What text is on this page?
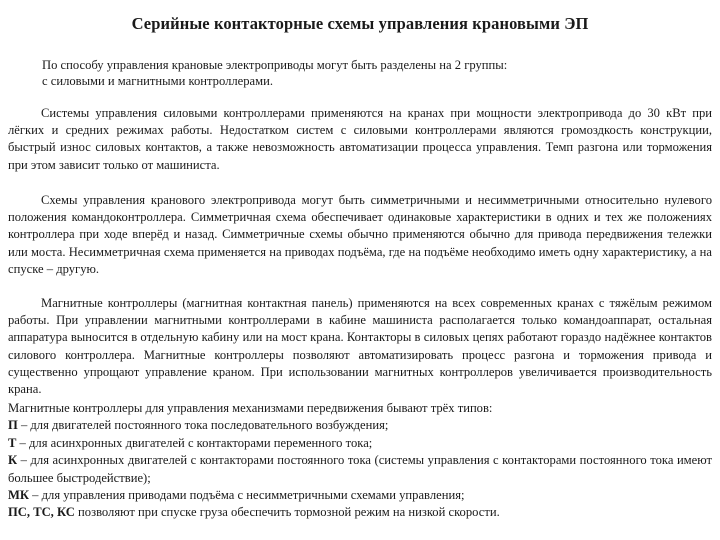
Серийные контакторные схемы управления крановыми ЭП

По способу управления крановые электроприводы могут быть разделены на 2 группы:

с силовыми и магнитными контроллерами.

Системы управления силовыми контроллерами применяются на кранах при мощности электропривода до 30 кВт при лёгких и средних режимах работы. Недостатком систем с силовыми контроллерами являются громоздкость конструкции, быстрый износ силовых контактов, а также невозможность автоматизации процесса управления. Темп разгона или торможения при этом зависит только от машиниста.

Схемы управления кранового электропривода могут быть симметричными и несимметричными относительно нулевого положения командоконтроллера. Симметричная схема обеспечивает одинаковые характеристики в одних и тех же положениях контроллера при ходе вперёд и назад. Симметричные схемы обычно применяются обычно для привода передвижения тележки или моста. Несимметричная схема применяется на приводах подъёма, где на подъёме необходимо иметь одну характеристику, а на спуске – другую.

Магнитные контроллеры (магнитная контактная панель) применяются на всех современных кранах с тяжёлым режимом работы. При управлении магнитными контроллерами в кабине машиниста располагается только командоаппарат, остальная аппаратура выносится в отдельную кабину или на мост крана. Контакторы в силовых цепях работают гораздо надёжнее контактов силового контроллера. Магнитные контроллеры позволяют автоматизировать процесс разгона и торможения привода и существенно упрощают управление краном. При использовании магнитных контроллеров увеличивается производительность крана.

Магнитные контроллеры для управления механизмами передвижения бывают трёх типов:

П – для двигателей постоянного тока последовательного возбуждения;

Т – для асинхронных двигателей с контакторами переменного тока;

К – для асинхронных двигателей с контакторами постоянного тока (системы управления с контакторами постоянного тока имеют большее быстродействие);

МК – для управления приводами подъёма с несимметричными схемами управления;

ПС, ТС, КС позволяют при спуске груза обеспечить тормозной режим на низкой скорости.
